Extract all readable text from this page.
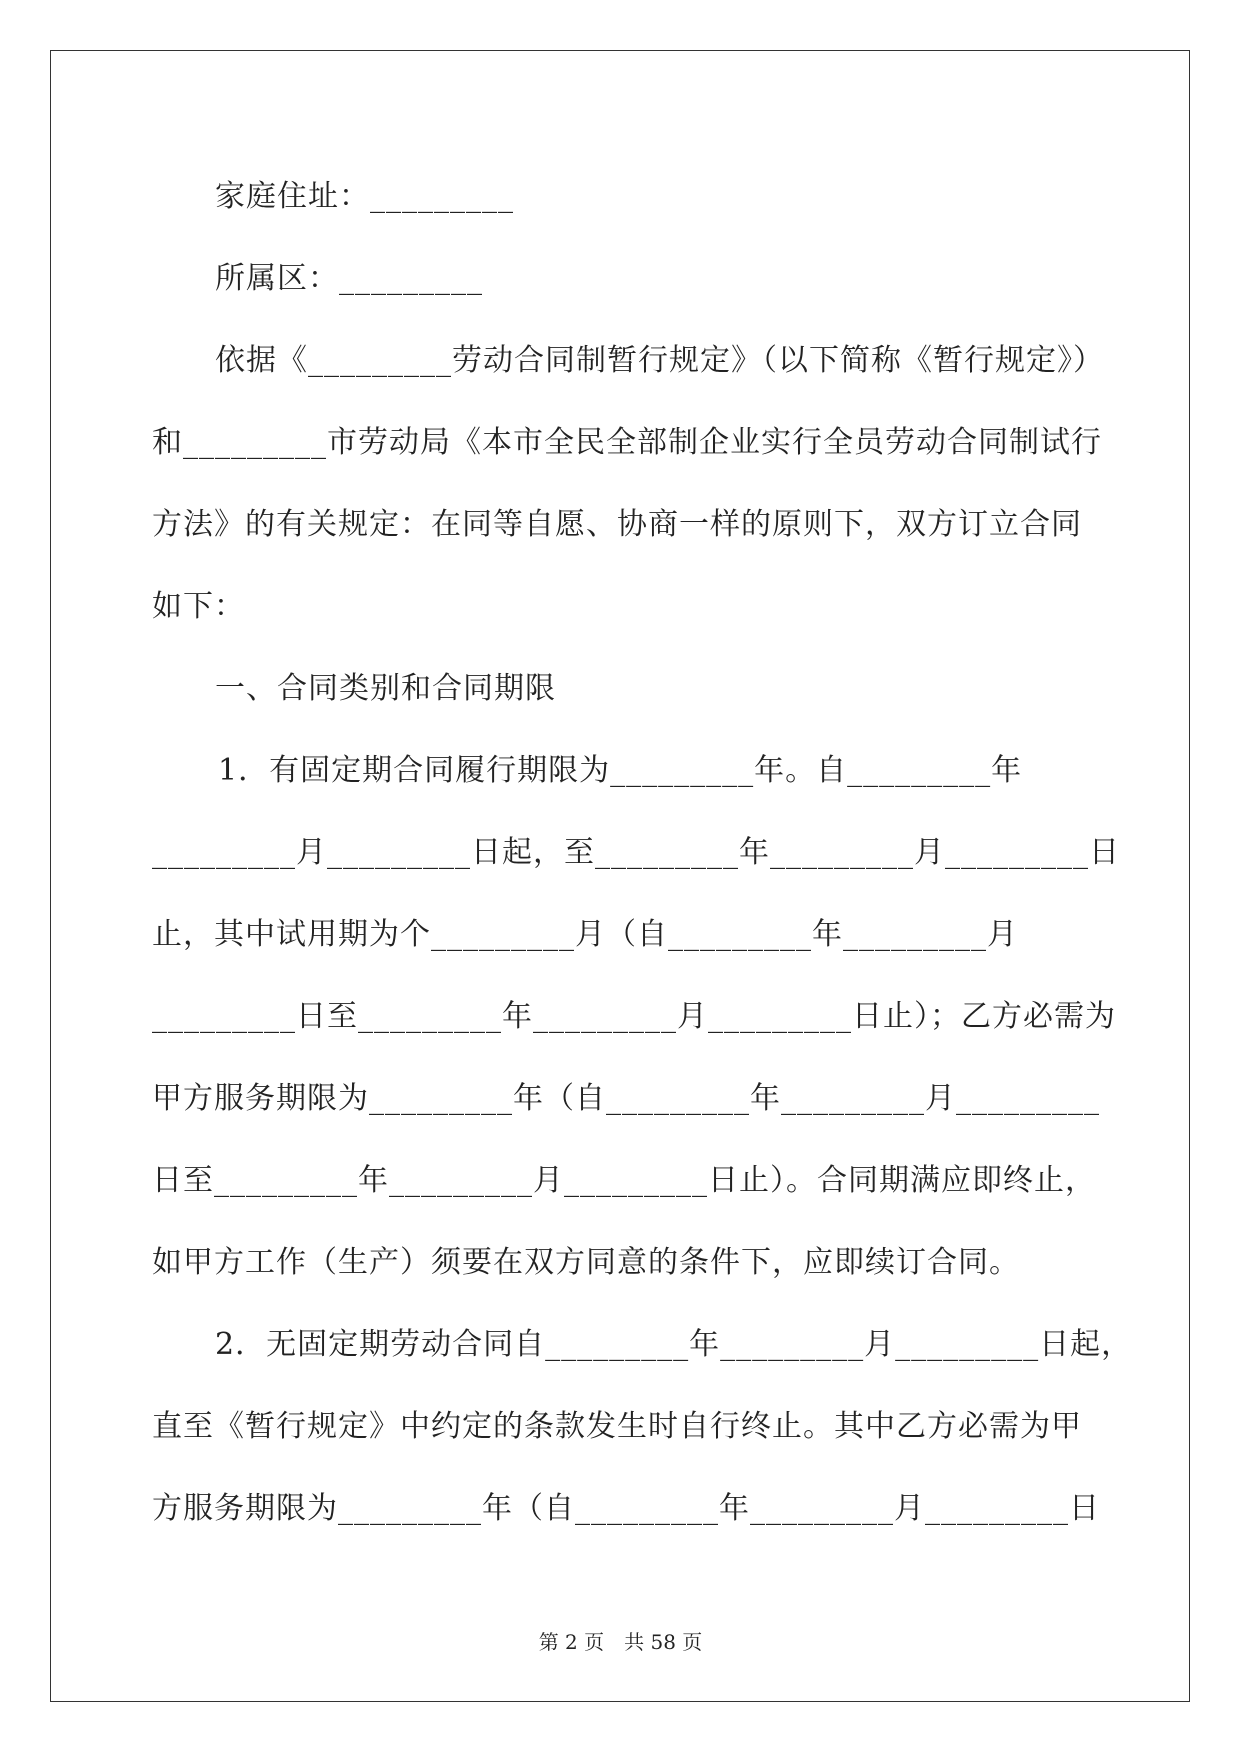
家庭住址：_________
所属区：_________
依据《_________劳动合同制暂行规定》（以下简称《暂行规定》）
和_________市劳动局《本市全民全部制企业实行全员劳动合同制试行
方法》的有关规定：在同等自愿、协商一样的原则下，双方订立合同
如下：
一、合同类别和合同期限
1．有固定期合同履行期限为_________年。自_________年
_________月_________日起，至_________年_________月_________日
止，其中试用期为个_________月（自_________年_________月
_________日至_________年_________月_________日止）；乙方必需为
甲方服务期限为_________年（自_________年_________月_________
日至_________年_________月_________日止）。合同期满应即终止，
如甲方工作（生产）须要在双方同意的条件下，应即续订合同。
2．无固定期劳动合同自_________年_________月_________日起，
直至《暂行规定》中约定的条款发生时自行终止。其中乙方必需为甲
方服务期限为_________年（自_________年_________月_________日
第 2 页　共 58 页
